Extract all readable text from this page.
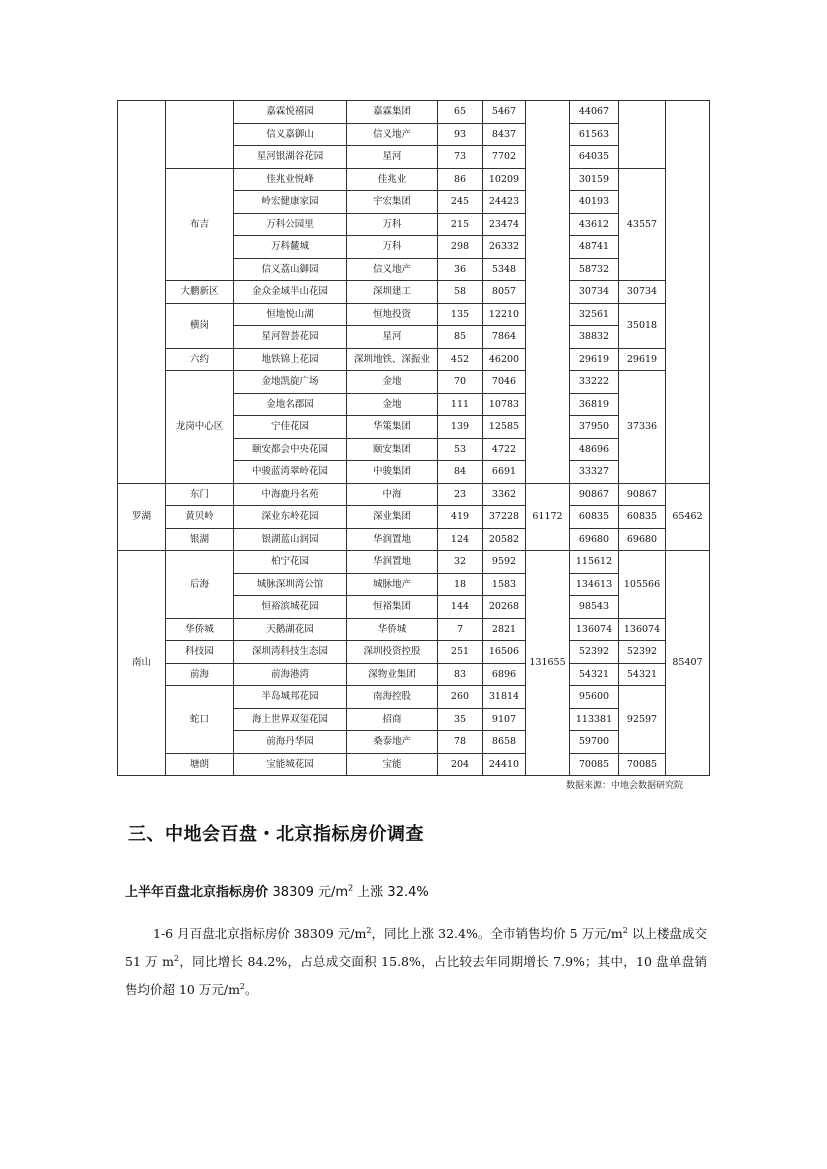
		嘉霖悦禧园	嘉霖集团	65	5467		44067		
		信义嘉御山	信义地产	93	8437		61563		
		星河银湖谷花园	星河	73	7702		64035		
	布吉	佳兆业悦峰	佳兆业	86	10209		30159	43557	
		岭宏健康家园	宇宏集团	245	24423		40193		
		万科公园里	万科	215	23474		43612		
		万科麓城	万科	298	26332		48741		
		信义荔山御园	信义地产	36	5348		58732		
	大鹏新区	金众金域半山花园	深圳建工	58	8057		30734	30734	
	横岗	恒地悦山湖	恒地投资	135	12210		32561	35018	
		星河智荟花园	星河	85	7864		38832		
	六约	地铁锦上花园	深圳地铁、深振业	452	46200		29619	29619	
	龙岗中心区	金地凯旋广场	金地	70	7046		33222	37336	
		金地名郡园	金地	111	10783		36819		
		宁佳花园	华策集团	139	12585		37950		
		颐安都会中央花园	颐安集团	53	4722		48696		
		中骏蓝湾翠岭花园	中骏集团	84	6691		33327		
罗湖	东门	中海鹿丹名苑	中海	23	3362	61172	90867	90867	65462
	黄贝岭	深业东岭花园	深业集团	419	37228		60835	60835	
	银湖	银湖蓝山润园	华润置地	124	20582		69680	69680	
南山	后海	柏宁花园	华润置地	32	9592	131655	115612	105566	85407
		城脉深圳湾公馆	城脉地产	18	1583		134613		
		恒裕滨城花园	恒裕集团	144	20268		98543		
	华侨城	天鹅湖花园	华侨城	7	2821		136074	136074	
	科技园	深圳湾科技生态园	深圳投资控股	251	16506		52392	52392	
	前海	前海港湾	深物业集团	83	6896		54321	54321	
	蛇口	半岛城邦花园	南海控股	260	31814		95600	92597	
		海上世界双玺花园	招商	35	9107		113381		
		前海丹华园	桑泰地产	78	8658		59700		
	塘朗	宝能城花园	宝能	204	24410		70085	70085	
数据来源：中地会数据研究院
三、中地会百盘・北京指标房价调查
上半年百盘北京指标房价 38309 元$/m^2$ 上涨 32.4%

1-6 月百盘北京指标房价 38309 元$/m^2$，同比上涨 32.4%。全市销售均价 5 万元$/m^2$ 以上楼盘成交 51 万 $m^2$，同比增长 84.2%，占总成交面积 15.8%，占比较去年同期增长 7.9%；其中，10 盘单盘销售均价超 10 万元$/m^2$。
